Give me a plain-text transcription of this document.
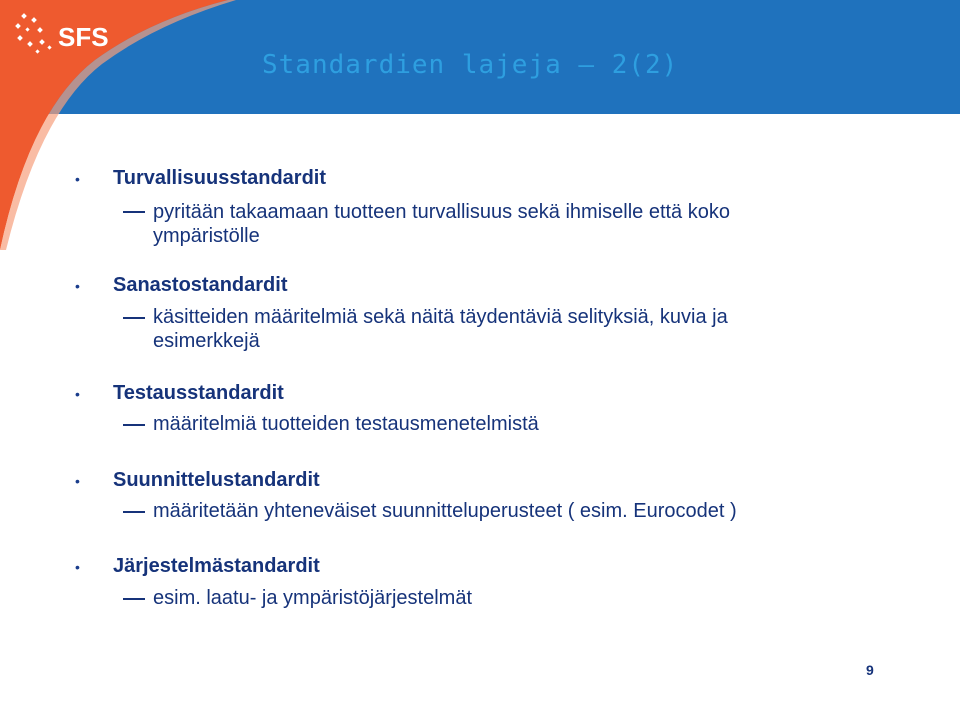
SFS
Standardien lajeja – 2(2)
• Turvallisuusstandardit
pyritään takaamaan tuotteen turvallisuus sekä ihmiselle että koko
ympäristölle
• Sanastostandardit
käsitteiden määritelmiä sekä näitä täydentäviä selityksiä, kuvia ja
esimerkkejä
• Testausstandardit
määritelmiä tuotteiden testausmenetelmistä
• Suunnittelustandardit
määritetään yhteneväiset suunnitteluperusteet ( esim. Eurocodet )
• Järjestelmästandardit
esim. laatu- ja ympäristöjärjestelmät
9
